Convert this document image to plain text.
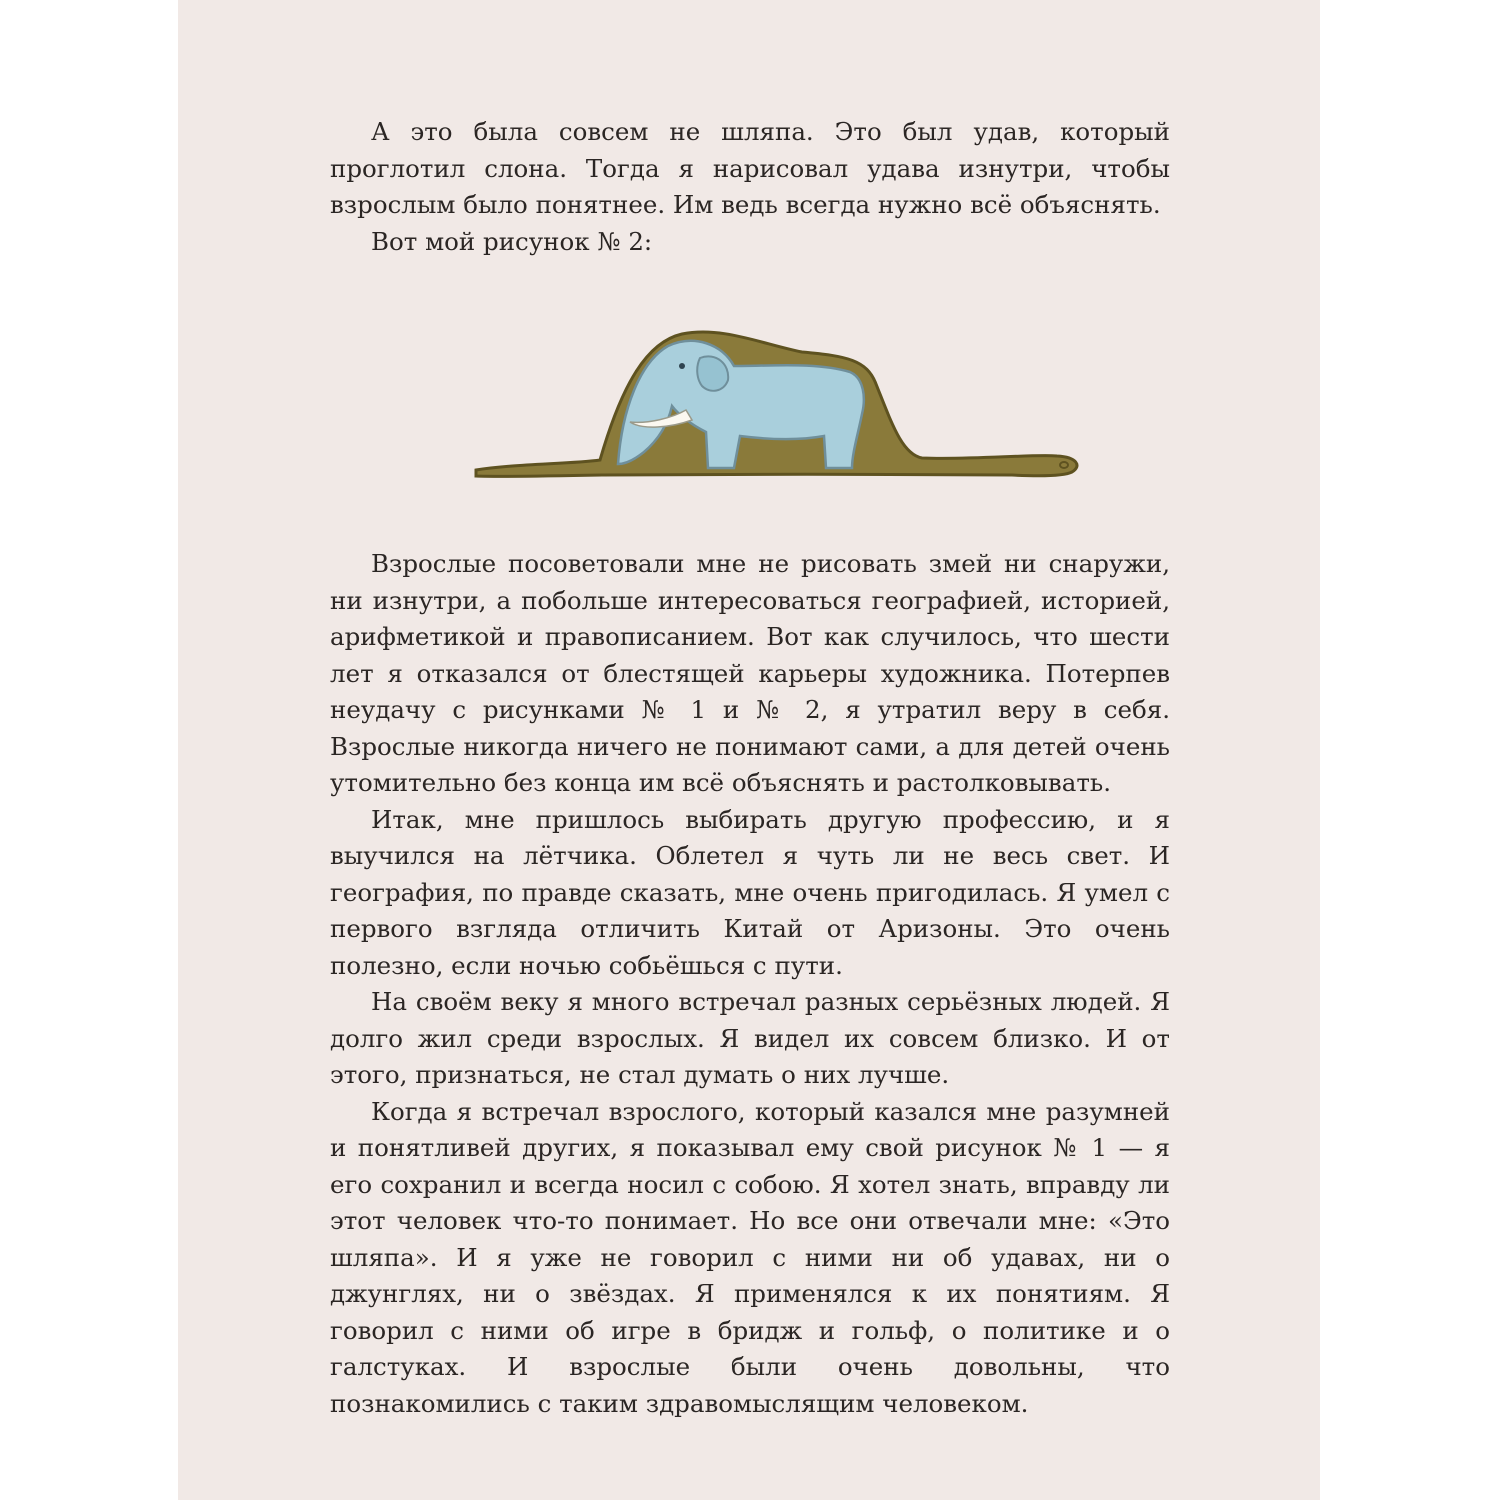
А это была совсем не шляпа. Это был удав, который проглотил слона. Тогда я нарисовал удава изнутри, чтобы взрослым было понятнее. Им ведь всегда нужно всё объяснять.

Вот мой рисунок № 2:

Взрослые посоветовали мне не рисовать змей ни снаружи, ни изнутри, а побольше интересоваться географией, историей, арифметикой и правописанием. Вот как случилось, что шести лет я отказался от блестящей карьеры художника. Потерпев неудачу с рисунками № 1 и № 2, я утратил веру в себя. Взрослые никогда ничего не понимают сами, а для детей очень утомительно без конца им всё объяснять и растолковывать.

Итак, мне пришлось выбирать другую профессию, и я выучился на лётчика. Облетел я чуть ли не весь свет. И география, по правде сказать, мне очень пригодилась. Я умел с первого взгляда отличить Китай от Аризоны. Это очень полезно, если ночью собьёшься с пути.

На своём веку я много встречал разных серьёзных людей. Я долго жил среди взрослых. Я видел их совсем близко. И от этого, признаться, не стал думать о них лучше.

Когда я встречал взрослого, который казался мне разумней и понятливей других, я показывал ему свой рисунок № 1 — я его сохранил и всегда носил с собою. Я хотел знать, вправду ли этот человек что-то понимает. Но все они отвечали мне: «Это шляпа». И я уже не говорил с ними ни об удавах, ни о джунглях, ни о звёздах. Я применялся к их понятиям. Я говорил с ними об игре в бридж и гольф, о политике и о галстуках. И взрослые были очень довольны, что познакомились с таким здравомыслящим человеком.
